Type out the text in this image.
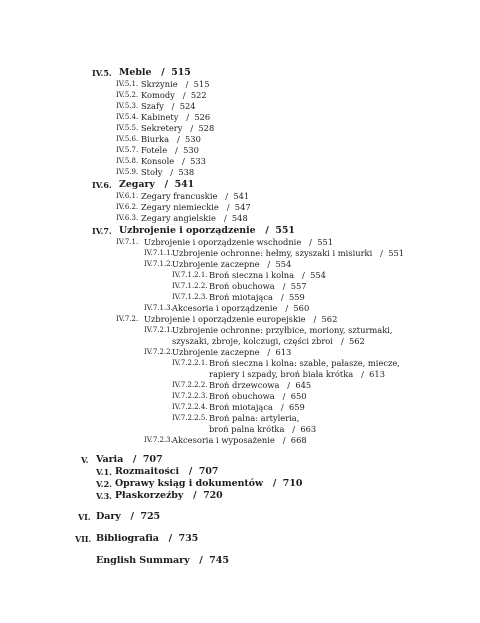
IV.5. Meble   /  515
IV.5.1. Skrzynie   /  515
IV.5.2. Komody   /  522
IV.5.3. Szafy   /  524
IV.5.4. Kabinety   /  526
IV.5.5. Sekretery   /  528
IV.5.6. Biurka   /  530
IV.5.7. Fotele   /  530
IV.5.8. Konsole   /  533
IV.5.9. Stoły   /  538
IV.6. Zegary   /  541
IV.6.1. Zegary francuskie   /  541
IV.6.2. Zegary niemieckie   /  547
IV.6.3. Zegary angielskie   /  548
IV.7. Uzbrojenie i oporządzenie   /  551
IV.7.1. Uzbrojenie i oporządzenie wschodnie   /  551
IV.7.1.1. Uzbrojenie ochronne: hełmy, szyszaki i misiurki   /  551
IV.7.1.2. Uzbrojenie zaczepne   /  554
IV.7.1.2.1. Broń sieczna i kolna   /  554
IV.7.1.2.2. Broń obuchowa   /  557
IV.7.1.2.3. Broń miotająca   /  559
IV.7.1.3. Akcesoria i oporządzenie   /  560
IV.7.2. Uzbrojenie i oporządzenie europejskie   /  562
IV.7.2.1. Uzbrojenie ochronne: przyłbice, moriony, szturmaki,
szyszaki, zbroje, kolczugi, części zbroi   /  562
IV.7.2.2. Uzbrojenie zaczepne   /  613
IV.7.2.2.1. Broń sieczna i kolna: szable, pałasze, miecze,
rapiery i szpady, broń biała krótka   /  613
IV.7.2.2.2. Broń drzewcowa   /  645
IV.7.2.2.3. Broń obuchowa   /  650
IV.7.2.2.4. Broń miotająca   /  659
IV.7.2.2.5. Broń palna: artyleria,
broń palna krótka   /  663
IV.7.2.3. Akcesoria i wyposażenie   /  668
V. Varia   /  707
V.1. Rozmaitości   /  707
V.2. Oprawy ksiąg i dokumentów   /  710
V.3. Płaskorzeźby   /  720
VI. Dary   /  725
VII. Bibliografia   /  735
English Summary   /  745
